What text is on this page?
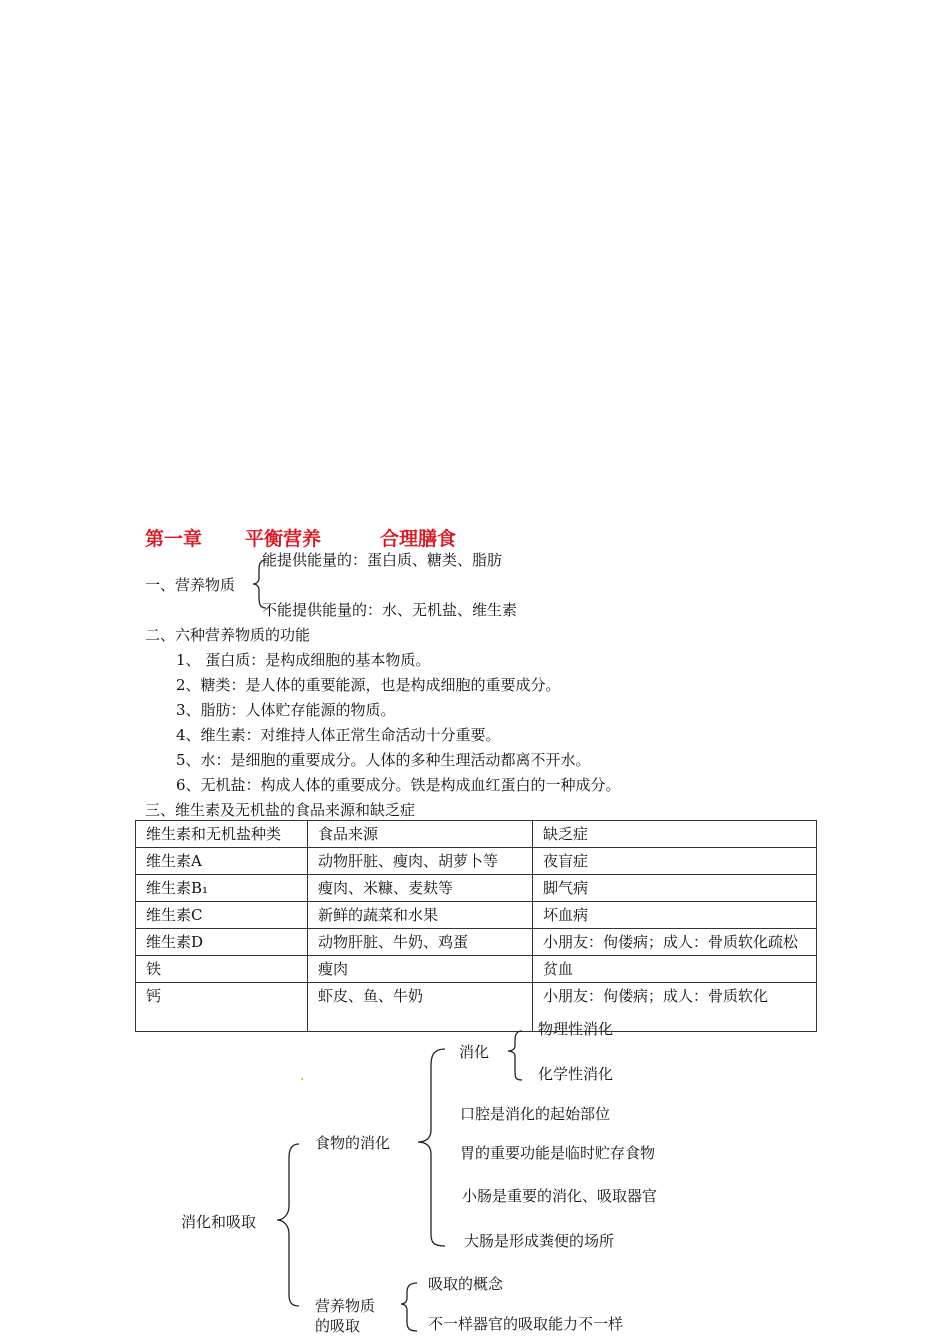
第一章 平衡营养	合理膳食
能提供能量的：蛋白质、糖类、脂肪
一、营养物质
不能提供能量的：水、无机盐、维生素
二、六种营养物质的功能
1、 蛋白质：是构成细胞的基本物质。
2、糖类：是人体的重要能源，也是构成细胞的重要成分。
3、脂肪：人体贮存能源的物质。
4、维生素：对维持人体正常生命活动十分重要。
5、水：是细胞的重要成分。人体的多种生理活动都离不开水。
6、无机盐：构成人体的重要成分。铁是构成血红蛋白的一种成分。
三、维生素及无机盐的食品来源和缺乏症
维生素和无机盐种类	食品来源	缺乏症
维生素A	动物肝脏、瘦肉、胡萝卜等	夜盲症
维生素B₁	瘦肉、米糠、麦麸等	脚气病
维生素C	新鲜的蔬菜和水果	坏血病
维生素D	动物肝脏、牛奶、鸡蛋	小朋友：佝偻病；成人：骨质软化疏松
铁	瘦肉	贫血
钙	虾皮、鱼、牛奶	小朋友：佝偻病；成人：骨质软化
·
物理性消化
消化
化学性消化
口腔是消化的起始部位
食物的消化
胃的重要功能是临时贮存食物
小肠是重要的消化、吸取器官
消化和吸取
大肠是形成粪便的场所
吸取的概念
营养物质
不一样器官的吸取能力不一样
的吸取
